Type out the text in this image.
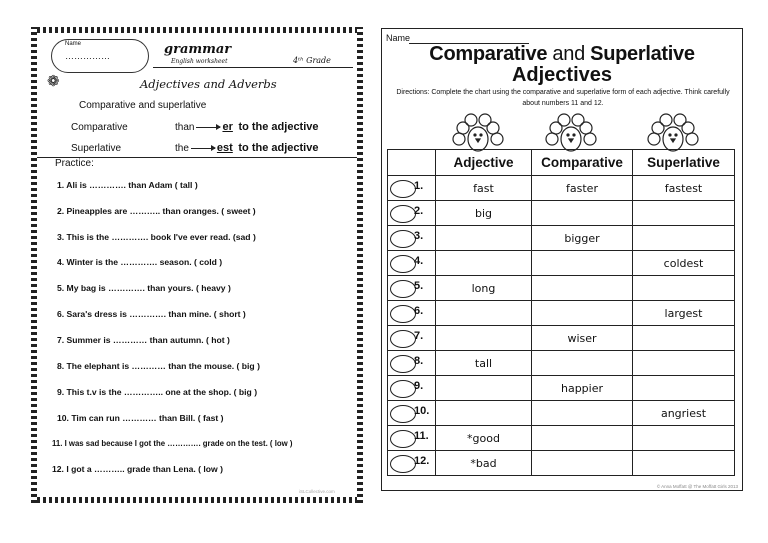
Name
……………	grammar
English worksheet	4ᵗʰ Grade
❁	Adjectives and Adverbs
Comparative and superlative
Comparative	than	er to the adjective
Superlative	the	est to the adjective
Practice:
1. Ali is …………. than Adam ( tall )
2. Pineapples are ……….. than oranges. ( sweet )
3. This is the …………. book I've ever read. (sad )
4. Winter is the …………. season. ( cold )
5. My bag is …………. than yours. ( heavy )
6. Sara's dress is …………. than mine. ( short )
7. Summer is ………… than autumn. ( hot )
8. The elephant is ………… than the mouse. ( big )
9. This t.v is the ………….. one at the shop. ( big )
10. Tim can run ………… than Bill. ( fast )
11. I was sad because I got the …………. grade on the test. ( low )
12. I got a ……….. grade than Lena. ( low )
iSLCollective.com
Name
Comparative and Superlative
Adjectives
Directions: Complete the chart using the comparative and superlative form of each adjective. Think carefully about numbers 11 and 12.
	Adjective	Comparative	Superlative

1.	fast	faster	fastest

2.	big		

3.		bigger	

4.			coldest

5.	long		

6.			largest

7.		wiser	

8.	tall		

9.		happier	

10.			angriest

11.	*good		

12.	*bad		
© Anna Moffatt @ The Moffatt Girls 2013
